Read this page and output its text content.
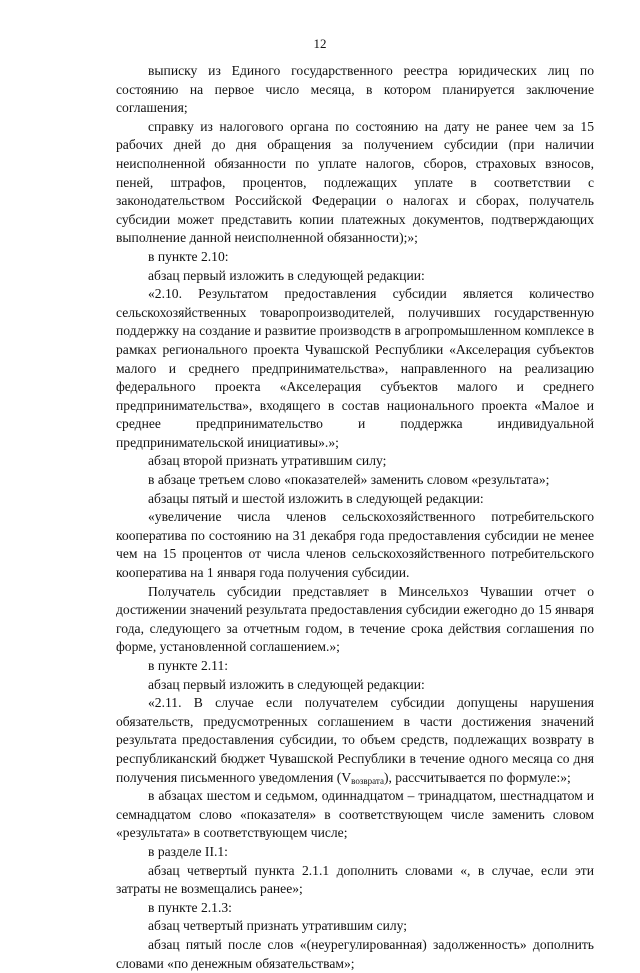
12

выписку из Единого государственного реестра юридических лиц по состоянию на первое число месяца, в котором планируется заключение соглашения;

справку из налогового органа по состоянию на дату не ранее чем за 15 рабочих дней до дня обращения за получением субсидии (при наличии неисполненной обязанности по уплате налогов, сборов, страховых взносов, пеней, штрафов, процентов, подлежащих уплате в соответствии с законодательством Российской Федерации о налогах и сборах, получатель субсидии может представить копии платежных документов, подтверждающих выполнение данной неисполненной обязанности);»;

в пункте 2.10:

абзац первый изложить в следующей редакции:

«2.10. Результатом предоставления субсидии является количество сельскохозяйственных товаропроизводителей, получивших государственную поддержку на создание и развитие производств в агропромышленном комплексе в рамках регионального проекта Чувашской Республики «Акселерация субъектов малого и среднего предпринимательства», направленного на реализацию федерального проекта «Акселерация субъектов малого и среднего предпринимательства», входящего в состав национального проекта «Малое и среднее предпринимательство и поддержка индивидуальной предпринимательской инициативы».»;

абзац второй признать утратившим силу;

в абзаце третьем слово «показателей» заменить словом «результата»;

абзацы пятый и шестой изложить в следующей редакции:

«увеличение числа членов сельскохозяйственного потребительского кооператива по состоянию на 31 декабря года предоставления субсидии не менее чем на 15 процентов от числа членов сельскохозяйственного потребительского кооператива на 1 января года получения субсидии.

Получатель субсидии представляет в Минсельхоз Чувашии отчет о достижении значений результата предоставления субсидии ежегодно до 15 января года, следующего за отчетным годом, в течение срока действия соглашения по форме, установленной соглашением.»;

в пункте 2.11:

абзац первый изложить в следующей редакции:

«2.11. В случае если получателем субсидии допущены нарушения обязательств, предусмотренных соглашением в части достижения значений результата предоставления субсидии, то объем средств, подлежащих возврату в республиканский бюджет Чувашской Республики в течение одного месяца со дня получения письменного уведомления $(V_{возврата})$, рассчитывается по формуле:»;

в абзацах шестом и седьмом, одиннадцатом – тринадцатом, шестнадцатом и семнадцатом слово «показателя» в соответствующем числе заменить словом «результата» в соответствующем числе;

в разделе II.1:

абзац четвертый пункта 2.1.1 дополнить словами «, в случае, если эти затраты не возмещались ранее»;

в пункте 2.1.3:

абзац четвертый признать утратившим силу;

абзац пятый после слов «(неурегулированная) задолженность» дополнить словами «по денежным обязательствам»;
